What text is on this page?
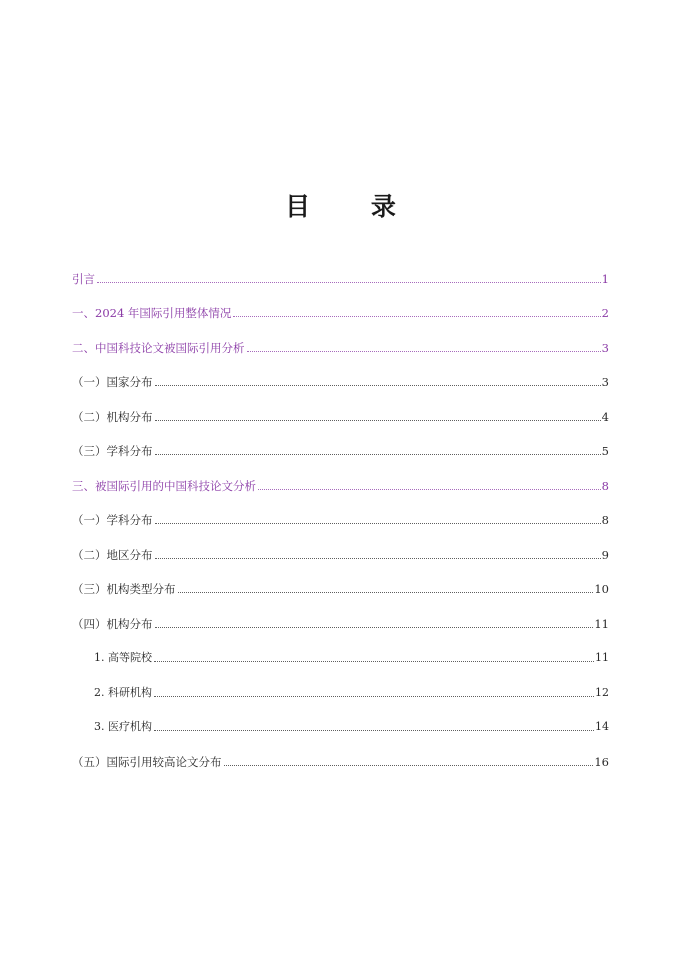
目 录
引言	1
一、2024 年国际引用整体情况	2
二、中国科技论文被国际引用分析	3
（一）国家分布	3
（二）机构分布	4
（三）学科分布	5
三、被国际引用的中国科技论文分析	8
（一）学科分布	8
（二）地区分布	9
（三）机构类型分布	10
（四）机构分布	11
1. 高等院校	11
2. 科研机构	12
3. 医疗机构	14
（五）国际引用较高论文分布	16
